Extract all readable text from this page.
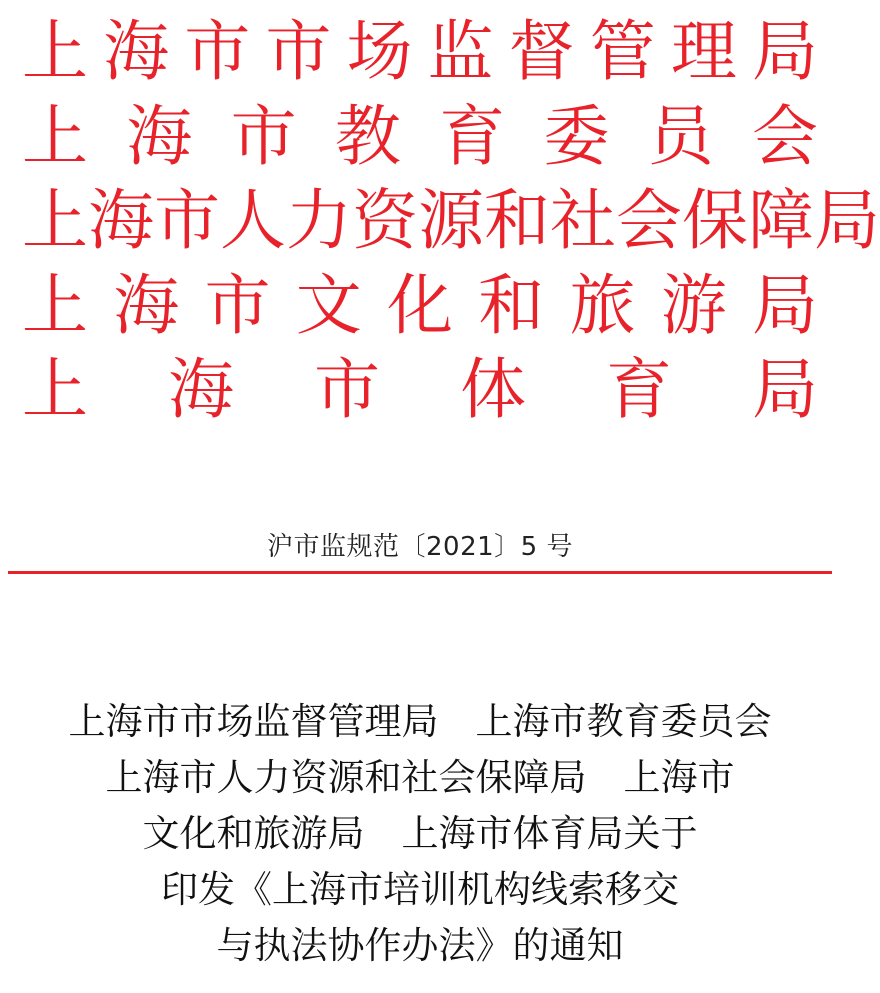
上 海 市 市 场 监 督 管 理 局
上 海 市 教 育 委 员 会
上 海 市 人 力 资 源 和 社 会 保 障 局
上 海 市 文 化 和 旅 游 局
上 海 市 体 育 局
沪市监规范〔2021〕5 号
上海市市场监督管理局　上海市教育委员会
上海市人力资源和社会保障局　上海市
文化和旅游局　上海市体育局关于
印发《上海市培训机构线索移交
与执法协作办法》的通知
